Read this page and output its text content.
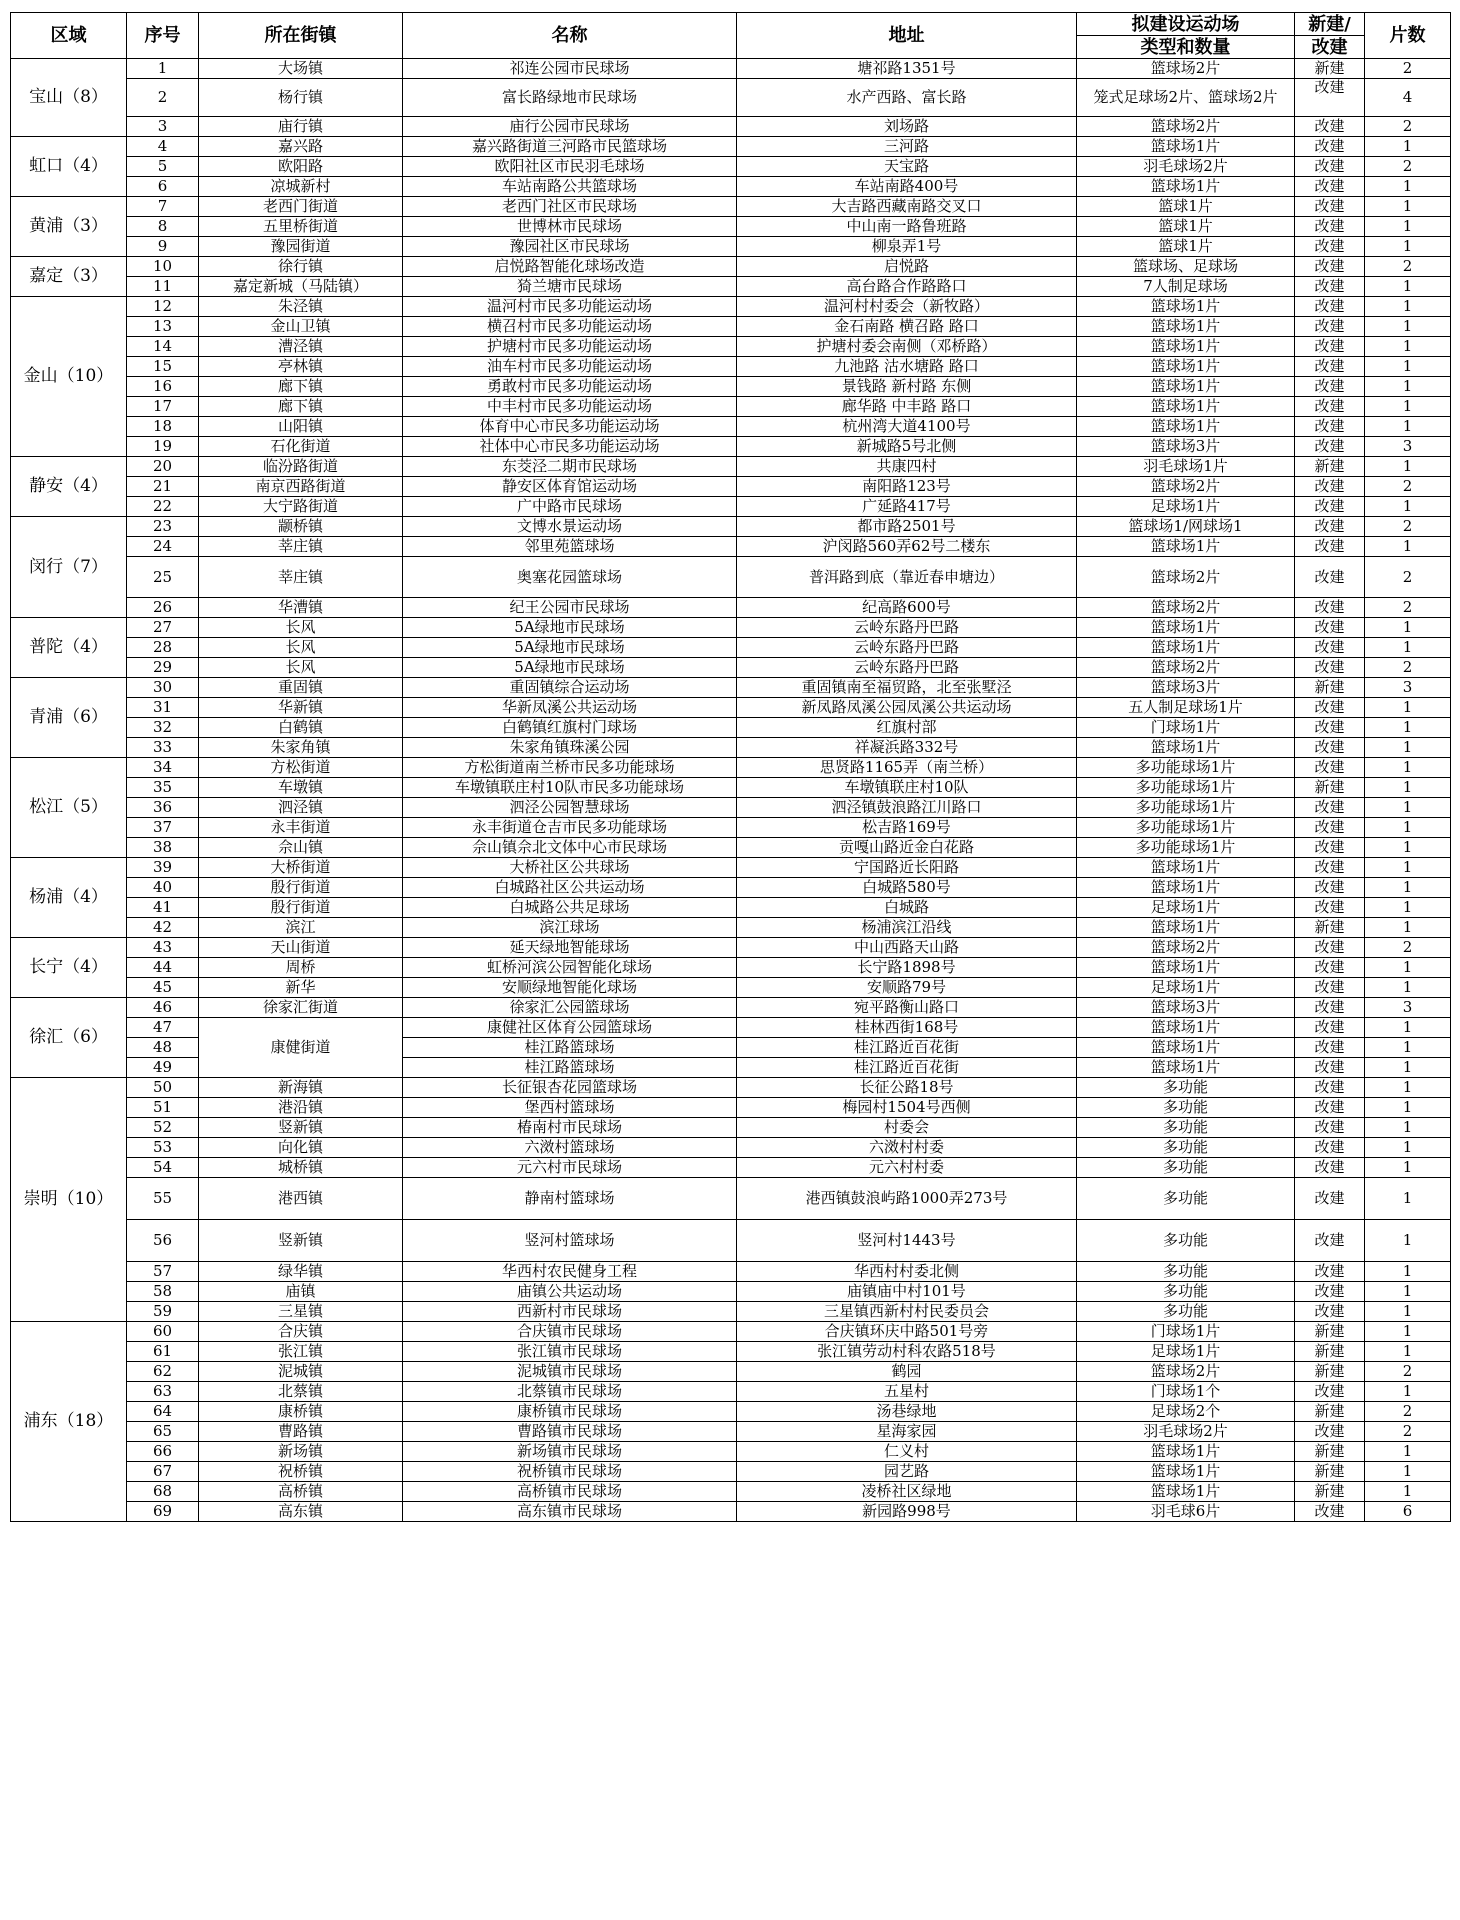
区域	序号	所在街镇	名称	地址	拟建设运动场	新建/	片数
					类型和数量	改建	
宝山（8）	1	大场镇	祁连公园市民球场	塘祁路1351号	篮球场2片	新建	2
	2	杨行镇	富长路绿地市民球场	水产西路、富长路	笼式足球场2片、篮球场2片	改建	4
	3	庙行镇	庙行公园市民球场	刘场路	篮球场2片	改建	2
虹口（4）	4	嘉兴路	嘉兴路街道三河路市民篮球场	三河路	篮球场1片	改建	1
	5	欧阳路	欧阳社区市民羽毛球场	天宝路	羽毛球场2片	改建	2
	6	凉城新村	车站南路公共篮球场	车站南路400号	篮球场1片	改建	1
黄浦（3）	7	老西门街道	老西门社区市民球场	大吉路西藏南路交叉口	篮球1片	改建	1
	8	五里桥街道	世博林市民球场	中山南一路鲁班路	篮球1片	改建	1
	9	豫园街道	豫园社区市民球场	柳泉弄1号	篮球1片	改建	1
嘉定（3）	10	徐行镇	启悦路智能化球场改造	启悦路	篮球场、足球场	改建	2
	11	嘉定新城（马陆镇）	猗兰塘市民球场	高台路合作路路口	7人制足球场	改建	1
金山（10）	12	朱泾镇	温河村市民多功能运动场	温河村村委会（新牧路）	篮球场1片	改建	1
	13	金山卫镇	横召村市民多功能运动场	金石南路 横召路 路口	篮球场1片	改建	1
	14	漕泾镇	护塘村市民多功能运动场	护塘村委会南侧（邓桥路）	篮球场1片	改建	1
	15	亭林镇	油车村市民多功能运动场	九池路 沽水塘路 路口	篮球场1片	改建	1
	16	廊下镇	勇敢村市民多功能运动场	景钱路 新村路 东侧	篮球场1片	改建	1
	17	廊下镇	中丰村市民多功能运动场	廊华路 中丰路 路口	篮球场1片	改建	1
	18	山阳镇	体育中心市民多功能运动场	杭州湾大道4100号	篮球场1片	改建	1
	19	石化街道	社体中心市民多功能运动场	新城路5号北侧	篮球场3片	改建	3
静安（4）	20	临汾路街道	东茭泾二期市民球场	共康四村	羽毛球场1片	新建	1
	21	南京西路街道	静安区体育馆运动场	南阳路123号	篮球场2片	改建	2
	22	大宁路街道	广中路市民球场	广延路417号	足球场1片	改建	1
闵行（7）	23	颛桥镇	文博水景运动场	都市路2501号	篮球场1/网球场1	改建	2
	24	莘庄镇	邻里苑篮球场	沪闵路560弄62号二楼东	篮球场1片	改建	1
	25	莘庄镇	奥塞花园篮球场	普洱路到底（靠近春申塘边）	篮球场2片	改建	2
	26	华漕镇	纪王公园市民球场	纪高路600号	篮球场2片	改建	2
普陀（4）	27	长风	5A绿地市民球场	云岭东路丹巴路	篮球场1片	改建	1
	28	长风	5A绿地市民球场	云岭东路丹巴路	篮球场1片	改建	1
	29	长风	5A绿地市民球场	云岭东路丹巴路	篮球场2片	改建	2
青浦（6）	30	重固镇	重固镇综合运动场	重固镇南至福贸路，北至张墅泾	篮球场3片	新建	3
	31	华新镇	华新凤溪公共运动场	新凤路凤溪公园凤溪公共运动场	五人制足球场1片	改建	1
	32	白鹤镇	白鹤镇红旗村门球场	红旗村部	门球场1片	改建	1
	33	朱家角镇	朱家角镇珠溪公园	祥凝浜路332号	篮球场1片	改建	1
松江（5）	34	方松街道	方松街道南兰桥市民多功能球场	思贤路1165弄（南兰桥）	多功能球场1片	改建	1
	35	车墩镇	车墩镇联庄村10队市民多功能球场	车墩镇联庄村10队	多功能球场1片	新建	1
	36	泗泾镇	泗泾公园智慧球场	泗泾镇鼓浪路江川路口	多功能球场1片	改建	1
	37	永丰街道	永丰街道仓吉市民多功能球场	松吉路169号	多功能球场1片	改建	1
	38	佘山镇	佘山镇佘北文体中心市民球场	贡嘎山路近金白花路	多功能球场1片	改建	1
杨浦（4）	39	大桥街道	大桥社区公共球场	宁国路近长阳路	篮球场1片	改建	1
	40	殷行街道	白城路社区公共运动场	白城路580号	篮球场1片	改建	1
	41	殷行街道	白城路公共足球场	白城路	足球场1片	改建	1
	42	滨江	滨江球场	杨浦滨江沿线	篮球场1片	新建	1
长宁（4）	43	天山街道	延天绿地智能球场	中山西路天山路	篮球场2片	改建	2
	44	周桥	虹桥河滨公园智能化球场	长宁路1898号	篮球场1片	改建	1
	45	新华	安顺绿地智能化球场	安顺路79号	足球场1片	改建	1
徐汇（6）	46	徐家汇街道	徐家汇公园篮球场	宛平路衡山路口	篮球场3片	改建	3
	47	康健街道	康健社区体育公园篮球场	桂林西街168号	篮球场1片	改建	1
	48		桂江路篮球场	桂江路近百花街	篮球场1片	改建	1
	49		桂江路篮球场	桂江路近百花街	篮球场1片	改建	1
崇明（10）	50	新海镇	长征银杏花园篮球场	长征公路18号	多功能	改建	1
	51	港沿镇	堡西村篮球场	梅园村1504号西侧	多功能	改建	1
	52	竖新镇	椿南村市民球场	村委会	多功能	改建	1
	53	向化镇	六滧村篮球场	六滧村村委	多功能	改建	1
	54	城桥镇	元六村市民球场	元六村村委	多功能	改建	1
	55	港西镇	静南村篮球场	港西镇鼓浪屿路1000弄273号	多功能	改建	1
	56	竖新镇	竖河村篮球场	竖河村1443号	多功能	改建	1
	57	绿华镇	华西村农民健身工程	华西村村委北侧	多功能	改建	1
	58	庙镇	庙镇公共运动场	庙镇庙中村101号	多功能	改建	1
	59	三星镇	西新村市民球场	三星镇西新村村民委员会	多功能	改建	1
浦东（18）	60	合庆镇	合庆镇市民球场	合庆镇环庆中路501号旁	门球场1片	新建	1
	61	张江镇	张江镇市民球场	张江镇劳动村科农路518号	足球场1片	新建	1
	62	泥城镇	泥城镇市民球场	鹤园	篮球场2片	新建	2
	63	北蔡镇	北蔡镇市民球场	五星村	门球场1个	改建	1
	64	康桥镇	康桥镇市民球场	汤巷绿地	足球场2个	新建	2
	65	曹路镇	曹路镇市民球场	星海家园	羽毛球场2片	改建	2
	66	新场镇	新场镇市民球场	仁义村	篮球场1片	新建	1
	67	祝桥镇	祝桥镇市民球场	园艺路	篮球场1片	新建	1
	68	高桥镇	高桥镇市民球场	凌桥社区绿地	篮球场1片	新建	1
	69	高东镇	高东镇市民球场	新园路998号	羽毛球6片	改建	6
